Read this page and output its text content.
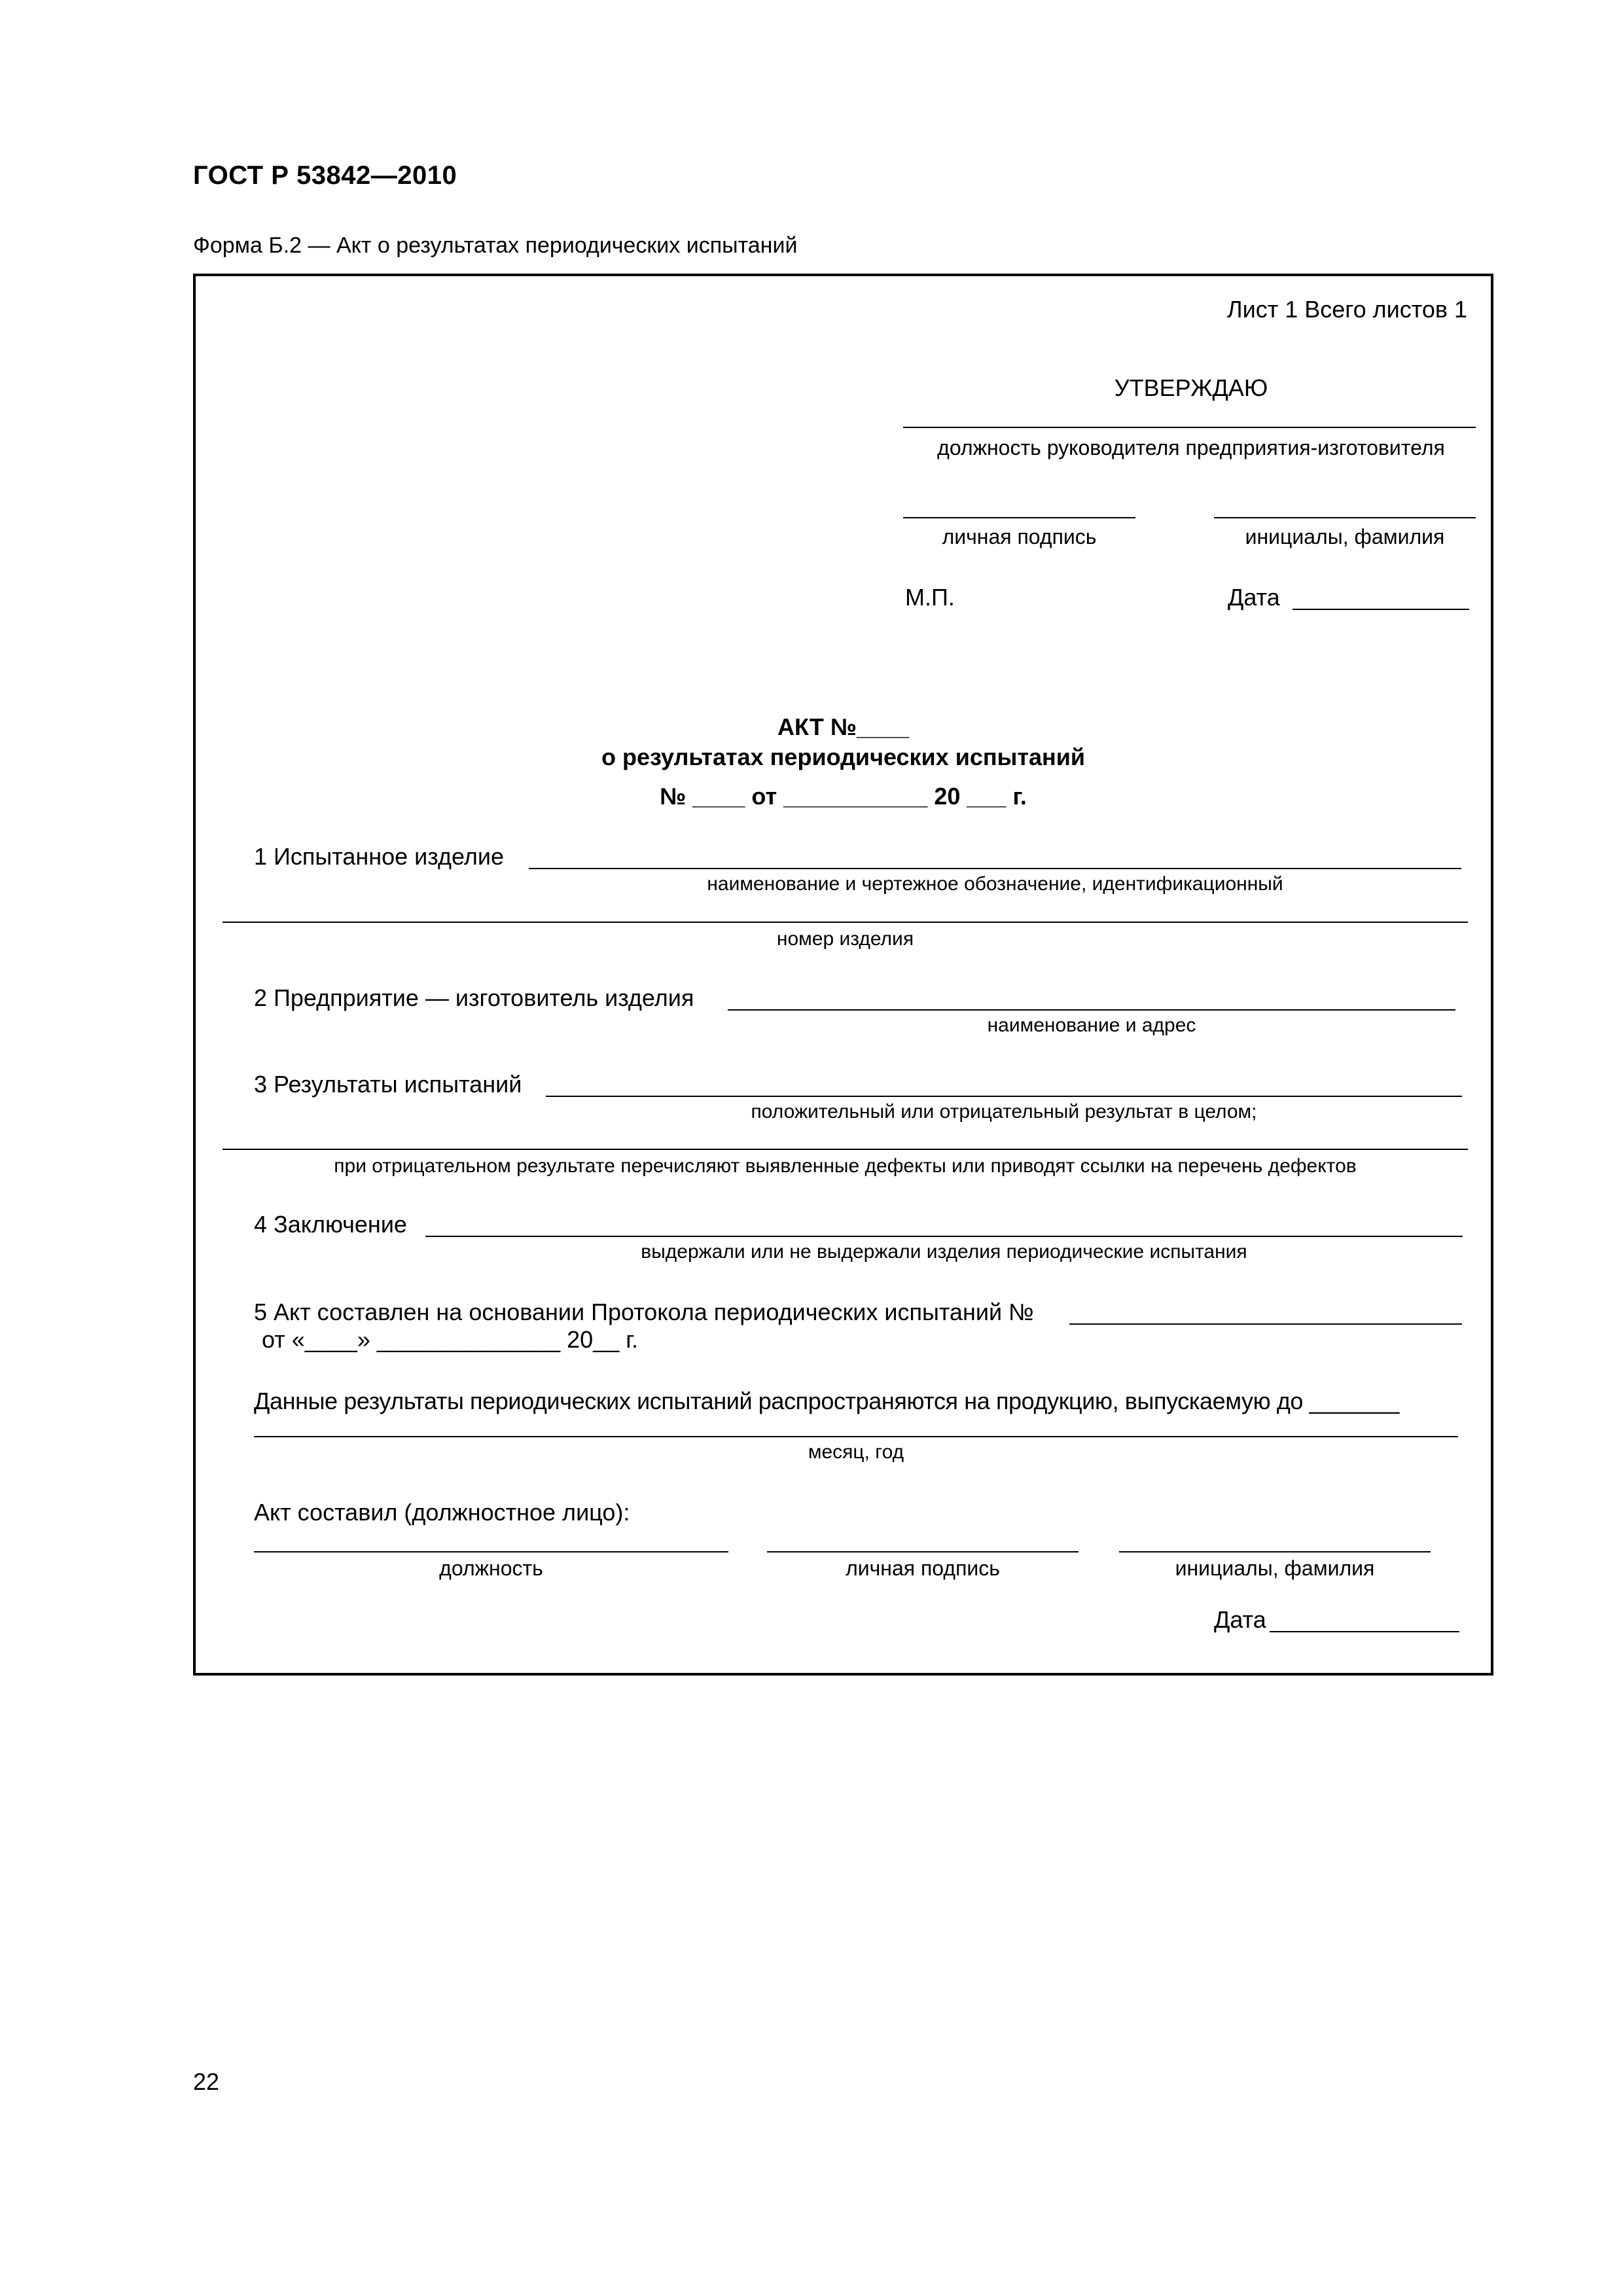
ГОСТ Р 53842—2010
Форма Б.2 — Акт о результатах периодических испытаний
Лист 1 Всего листов 1
УТВЕРЖДАЮ
должность руководителя предприятия-изготовителя
личная подпись	инициалы, фамилия
М.П.	Дата
АКТ №____
о результатах периодических испытаний
№ ____ от ___________ 20 ___ г.
1 Испытанное изделие
наименование и чертежное обозначение, идентификационный
номер изделия
2 Предприятие — изготовитель изделия
наименование и адрес
3 Результаты испытаний
положительный или отрицательный результат в целом;
при отрицательном результате перечисляют выявленные дефекты или приводят ссылки на перечень дефектов
4 Заключение
выдержали или не выдержали изделия периодические испытания
5 Акт составлен на основании Протокола периодических испытаний №
от «____» ______________ 20__ г.
Данные результаты периодических испытаний распространяются на продукцию, выпускаемую до _______
месяц, год
Акт составил (должностное лицо):
должность	личная подпись	инициалы, фамилия
Дата
22
